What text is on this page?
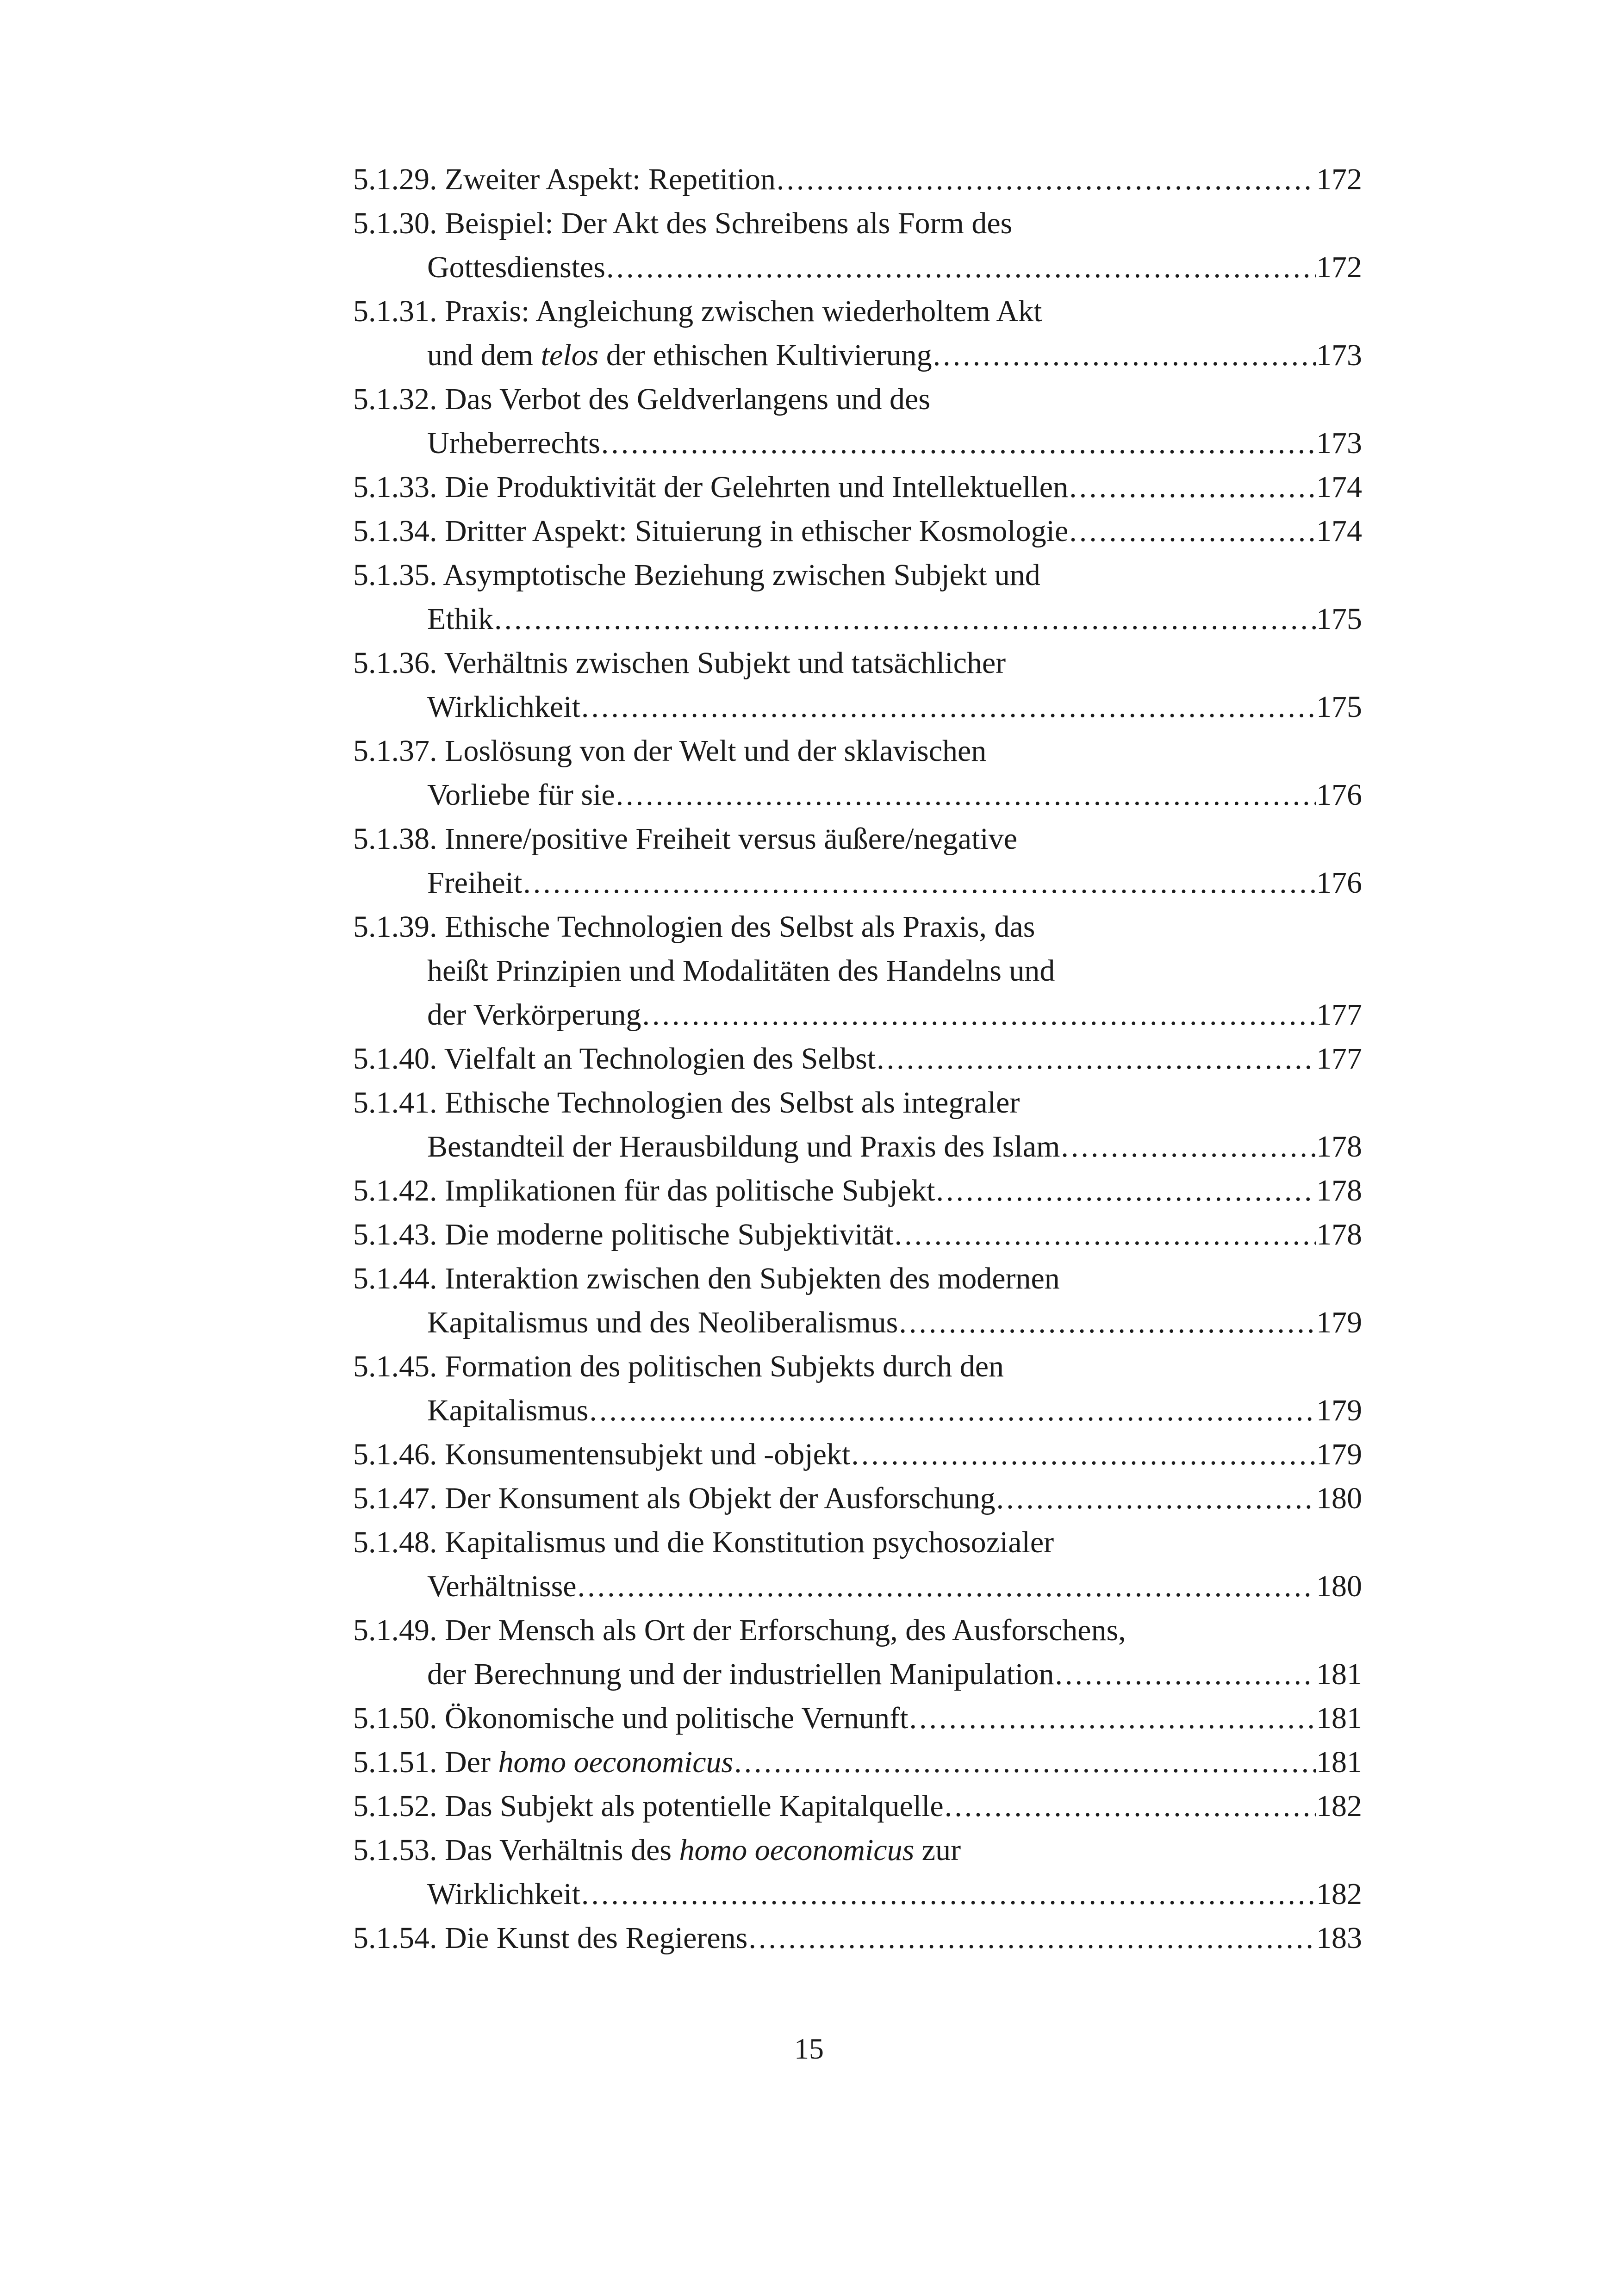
5.1.29. Zweiter Aspekt: Repetition .....	172
5.1.30. Beispiel: Der Akt des Schreibens als Form des
Gottesdienstes .....	172
5.1.31. Praxis: Angleichung zwischen wiederholtem Akt
und dem telos der ethischen Kultivierung .....	173
5.1.32. Das Verbot des Geldverlangens und des
Urheberrechts .....	173
5.1.33. Die Produktivität der Gelehrten und Intellektuellen .....	174
5.1.34. Dritter Aspekt: Situierung in ethischer Kosmologie .....	174
5.1.35. Asymptotische Beziehung zwischen Subjekt und
Ethik .....	175
5.1.36. Verhältnis zwischen Subjekt und tatsächlicher
Wirklichkeit .....	175
5.1.37. Loslösung von der Welt und der sklavischen
Vorliebe für sie .....	176
5.1.38. Innere/positive Freiheit versus äußere/negative
Freiheit .....	176
5.1.39. Ethische Technologien des Selbst als Praxis, das
heißt Prinzipien und Modalitäten des Handelns und
der Verkörperung .....	177
5.1.40. Vielfalt an Technologien des Selbst .....	177
5.1.41. Ethische Technologien des Selbst als integraler
Bestandteil der Herausbildung und Praxis des Islam .....	178
5.1.42. Implikationen für das politische Subjekt .....	178
5.1.43. Die moderne politische Subjektivität .....	178
5.1.44. Interaktion zwischen den Subjekten des modernen
Kapitalismus und des Neoliberalismus .....	179
5.1.45. Formation des politischen Subjekts durch den
Kapitalismus .....	179
5.1.46. Konsumentensubjekt und -objekt .....	179
5.1.47. Der Konsument als Objekt der Ausforschung .....	180
5.1.48. Kapitalismus und die Konstitution psychosozialer
Verhältnisse .....	180
5.1.49. Der Mensch als Ort der Erforschung, des Ausforschens,
der Berechnung und der industriellen Manipulation .....	181
5.1.50. Ökonomische und politische Vernunft .....	181
5.1.51. Der homo oeconomicus .....	181
5.1.52. Das Subjekt als potentielle Kapitalquelle .....	182
5.1.53. Das Verhältnis des homo oeconomicus zur
Wirklichkeit .....	182
5.1.54. Die Kunst des Regierens .....	183
15
